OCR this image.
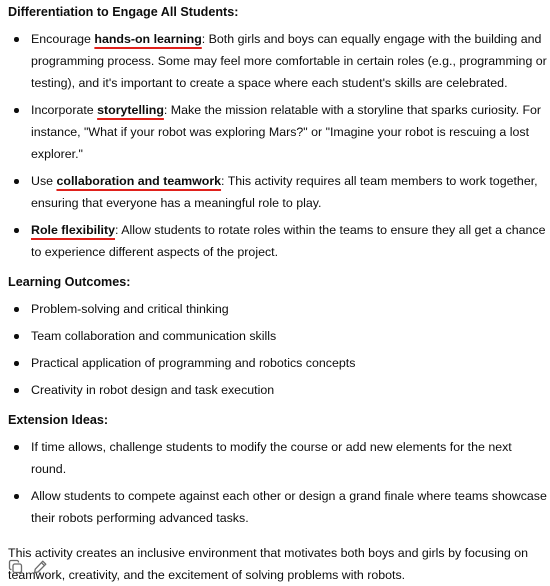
Differentiation to Engage All Students:
Encourage hands-on learning: Both girls and boys can equally engage with the building and programming process. Some may feel more comfortable in certain roles (e.g., programming or testing), and it's important to create a space where each student's skills are celebrated.
Incorporate storytelling: Make the mission relatable with a storyline that sparks curiosity. For instance, "What if your robot was exploring Mars?" or "Imagine your robot is rescuing a lost explorer."
Use collaboration and teamwork: This activity requires all team members to work together, ensuring that everyone has a meaningful role to play.
Role flexibility: Allow students to rotate roles within the teams to ensure they all get a chance to experience different aspects of the project.
Learning Outcomes:
Problem-solving and critical thinking
Team collaboration and communication skills
Practical application of programming and robotics concepts
Creativity in robot design and task execution
Extension Ideas:
If time allows, challenge students to modify the course or add new elements for the next round.
Allow students to compete against each other or design a grand finale where teams showcase their robots performing advanced tasks.

This activity creates an inclusive environment that motivates both boys and girls by focusing on teamwork, creativity, and the excitement of solving problems with robots.
